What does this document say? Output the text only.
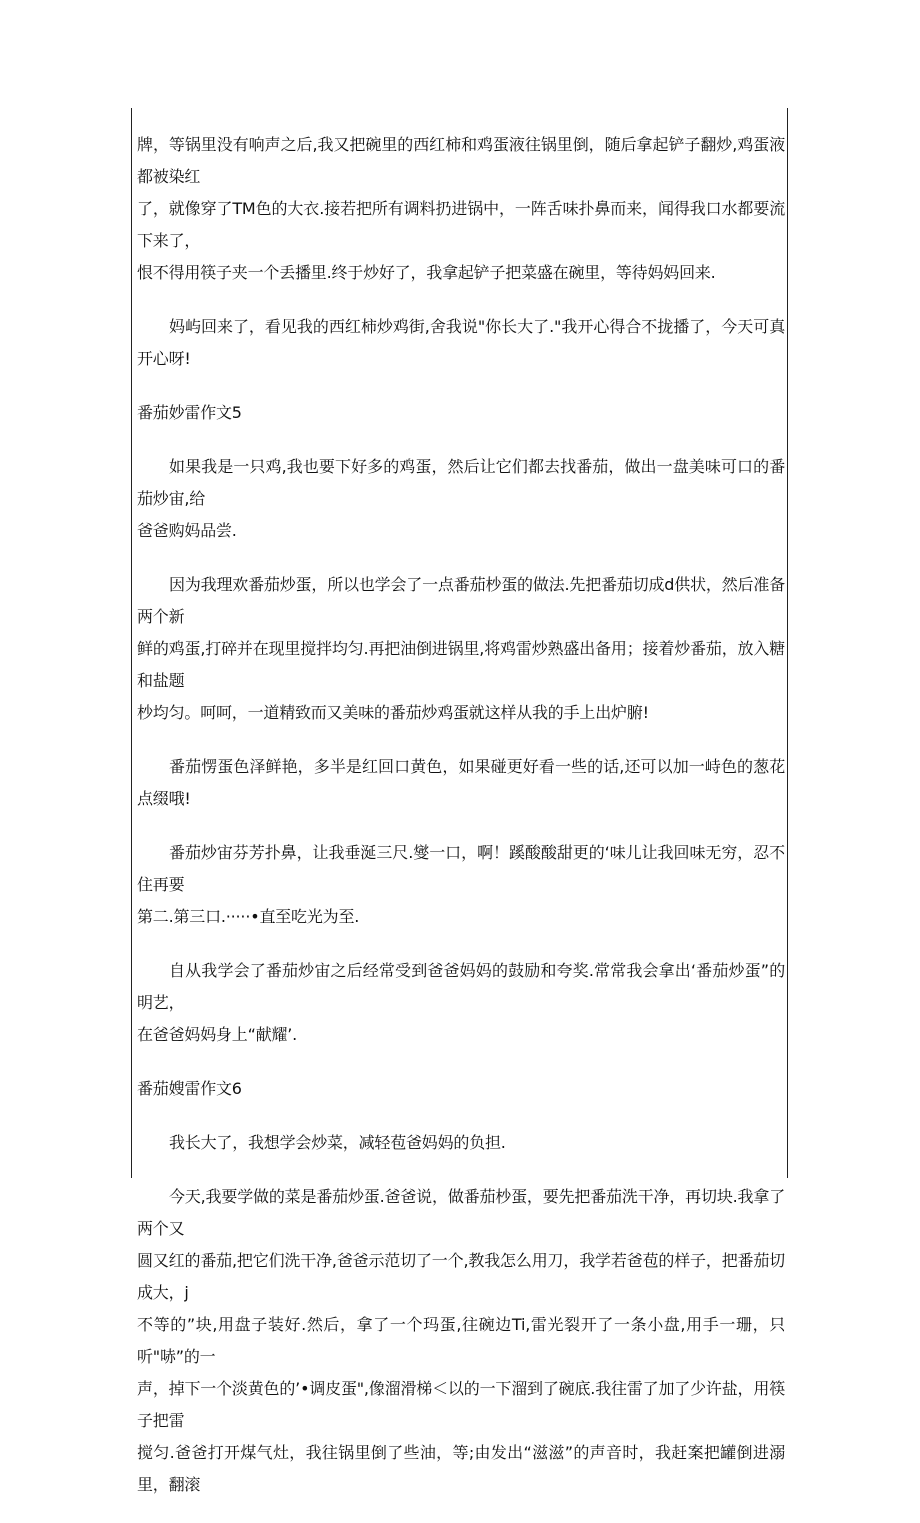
牌，等锅里没有响声之后,我又把碗里的西红柿和鸡蛋液往锅里倒，随后拿起铲子翻炒,鸡蛋液都被染红
了，就像穿了TM色的大衣.接若把所有调料扔进锅中，一阵舌味扑鼻而来，闻得我口水都要流下来了，
恨不得用筷子夹一个丢播里.终于炒好了，我拿起铲子把菜盛在碗里，等待妈妈回来.

妈屿回来了，看见我的西红柿炒鸡街,舍我说"你长大了."我开心得合不拢播了，今天可真开心呀!

番茄妙雷作文5

如果我是一只鸡,我也要下好多的鸡蛋，然后让它们都去找番茄，做出一盘美味可口的番茄炒宙,给
爸爸购妈品尝.

因为我理欢番茄炒蛋，所以也学会了一点番茄杪蛋的做法.先把番茄切成d供状，然后准备两个新
鲜的鸡蛋,打碎并在现里搅拌均匀.再把油倒进锅里,将鸡雷炒熟盛出备用；接着炒番茄，放入糖和盐题
杪均匀。呵呵，一道精致而又美味的番茄炒鸡蛋就这样从我的手上出炉腑!

番茄愣蛋色泽鲜艳，多半是红回口黄色，如果碰更好看一些的话,还可以加一峙色的葱花点缀哦!

番茄炒宙芬芳扑鼻，让我垂涎三尺.燮一口，啊！蹊酸酸甜更的‘味儿让我回味无穷，忍不住再要
第二.第三口.·····•直至吃光为至.

自从我学会了番茄炒宙之后经常受到爸爸妈妈的鼓励和夸奖.常常我会拿出‘番茄炒蛋”的明艺，
在爸爸妈妈身上“献耀’.

番茄嫂雷作文6

我长大了，我想学会炒菜，减轻苞爸妈妈的负担.

今天,我要学做的菜是番茄炒蛋.爸爸说，做番茄杪蛋，要先把番茄洗干净，再切块.我拿了两个又
圆又红的番茄,把它们洗干净,爸爸示范切了一个,教我怎么用刀，我学若爸苞的样子，把番茄切成大，j
不等的”块,用盘子装好.然后，拿了一个玛蛋,往碗边Ti,雷光裂开了一条小盘,用手一珊，只听"哧”的一
声，掉下一个淡黄色的’•调皮蛋",像溜滑梯＜以的一下溜到了碗底.我往雷了加了少许盐，用筷子把雷
搅匀.爸爸打开煤气灶，我往锅里倒了些油，等;由发出“滋滋”的声音时，我赶案把罐倒进溺里，翻滚
